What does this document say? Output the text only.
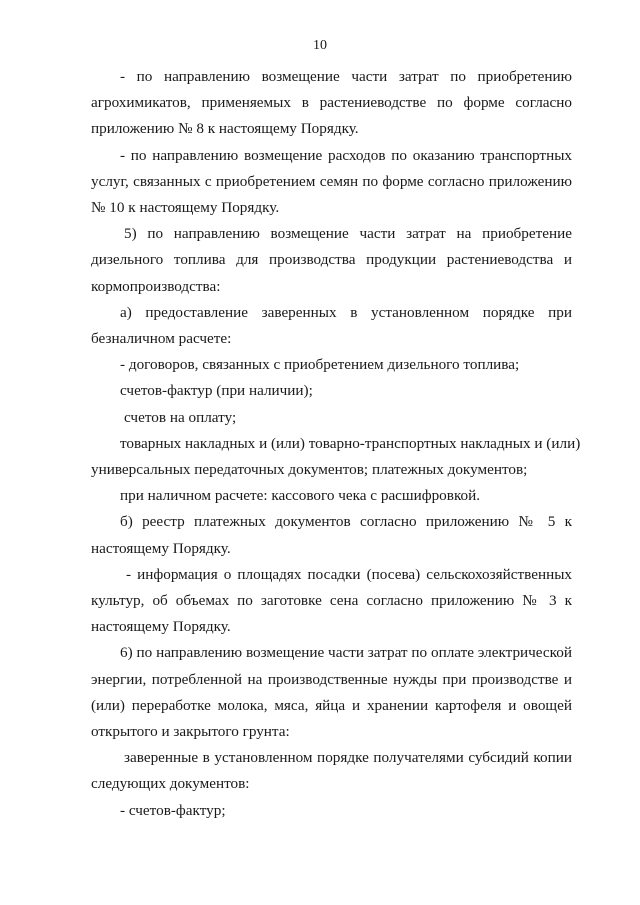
10

- по направлению возмещение части затрат по приобретению
агрохимикатов, применяемых в растениеводстве по форме согласно
приложению № 8 к настоящему Порядку.

- по направлению возмещение расходов по оказанию транспортных
услуг, связанных с приобретением семян по форме согласно приложению
№ 10 к настоящему Порядку.

5) по направлению возмещение части затрат на приобретение
дизельного топлива для производства продукции растениеводства и
кормопроизводства:

а) предоставление заверенных в установленном порядке при
безналичном расчете:

- договоров, связанных с приобретением дизельного топлива;

счетов-фактур (при наличии);

счетов на оплату;

товарных накладных и (или) товарно-транспортных накладных и (или)
универсальных передаточных документов; платежных документов;

при наличном расчете: кассового чека с расшифровкой.

б) реестр платежных документов согласно приложению № 5 к
настоящему Порядку.

- информация о площадях посадки (посева) сельскохозяйственных
культур, об объемах по заготовке сена согласно приложению № 3 к
настоящему Порядку.

6) по направлению возмещение части затрат по оплате электрической
энергии, потребленной на производственные нужды при производстве и
(или) переработке молока, мяса, яйца и хранении картофеля и овощей
открытого и закрытого грунта:

заверенные в установленном порядке получателями субсидий копии
следующих документов:

- счетов-фактур;
